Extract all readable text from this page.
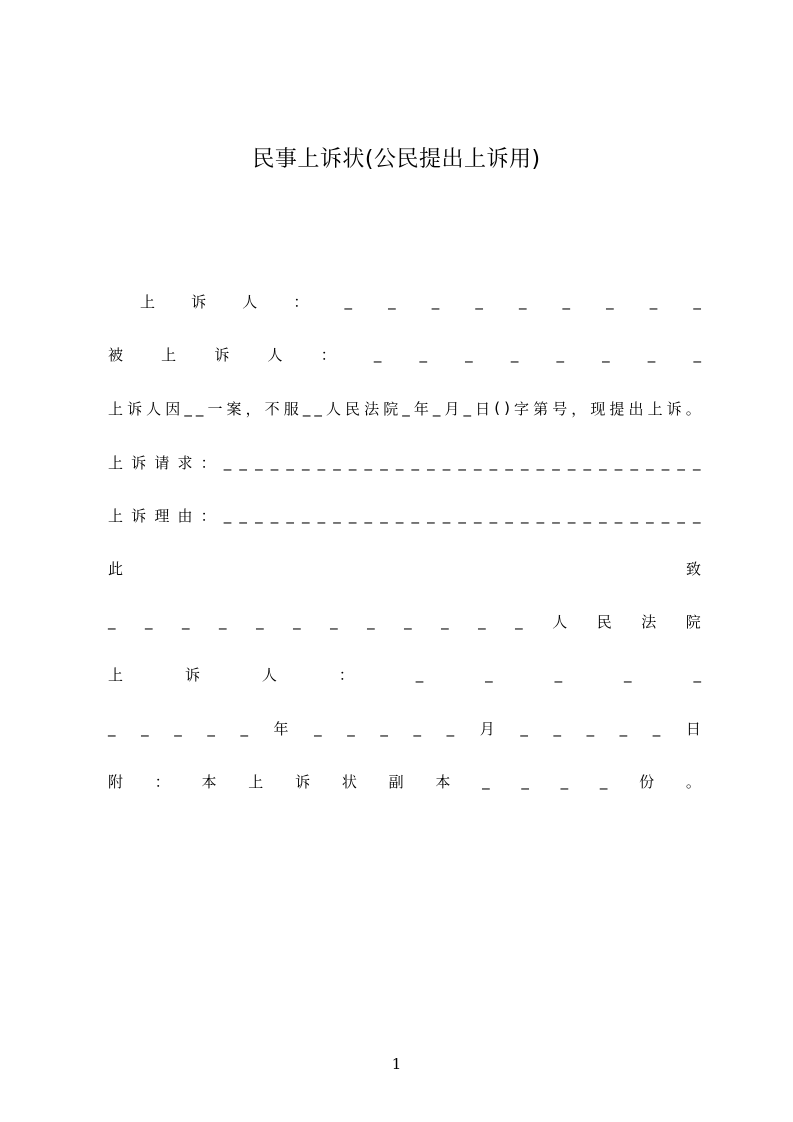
民事上诉状(公民提出上诉用)
上 诉 人 ： _ _ _ _ _ _ _ _ _
被	上	诉	人	：	_	_	_	_	_	_	_	_
上 诉 人 因 _ _ 一 案 ， 不 服 _ _ 人 民 法 院 _ 年 _ 月 _ 日 ( ) 字 第 号 ， 现 提 出 上 诉 。
上 诉 请 求 ： _ _ _ _ _ _ _ _ _ _ _ _ _ _ _ _ _ _ _ _ _ _ _ _ _ _ _ _ _ _ _
上 诉 理 由 ： _ _ _ _ _ _ _ _ _ _ _ _ _ _ _ _ _ _ _ _ _ _ _ _ _ _ _ _ _ _ _
此	致
_ _ _ _ _ _ _ _ _ _ _ _ 人 民 法 院
上	诉	人	：	_	_	_	_	_
_ _ _ _ _ 年 _ _ _ _ _ 月 _ _ _ _ _ 日
附 ： 本 上 诉 状 副 本 _ _ _ _ 份 。
1
